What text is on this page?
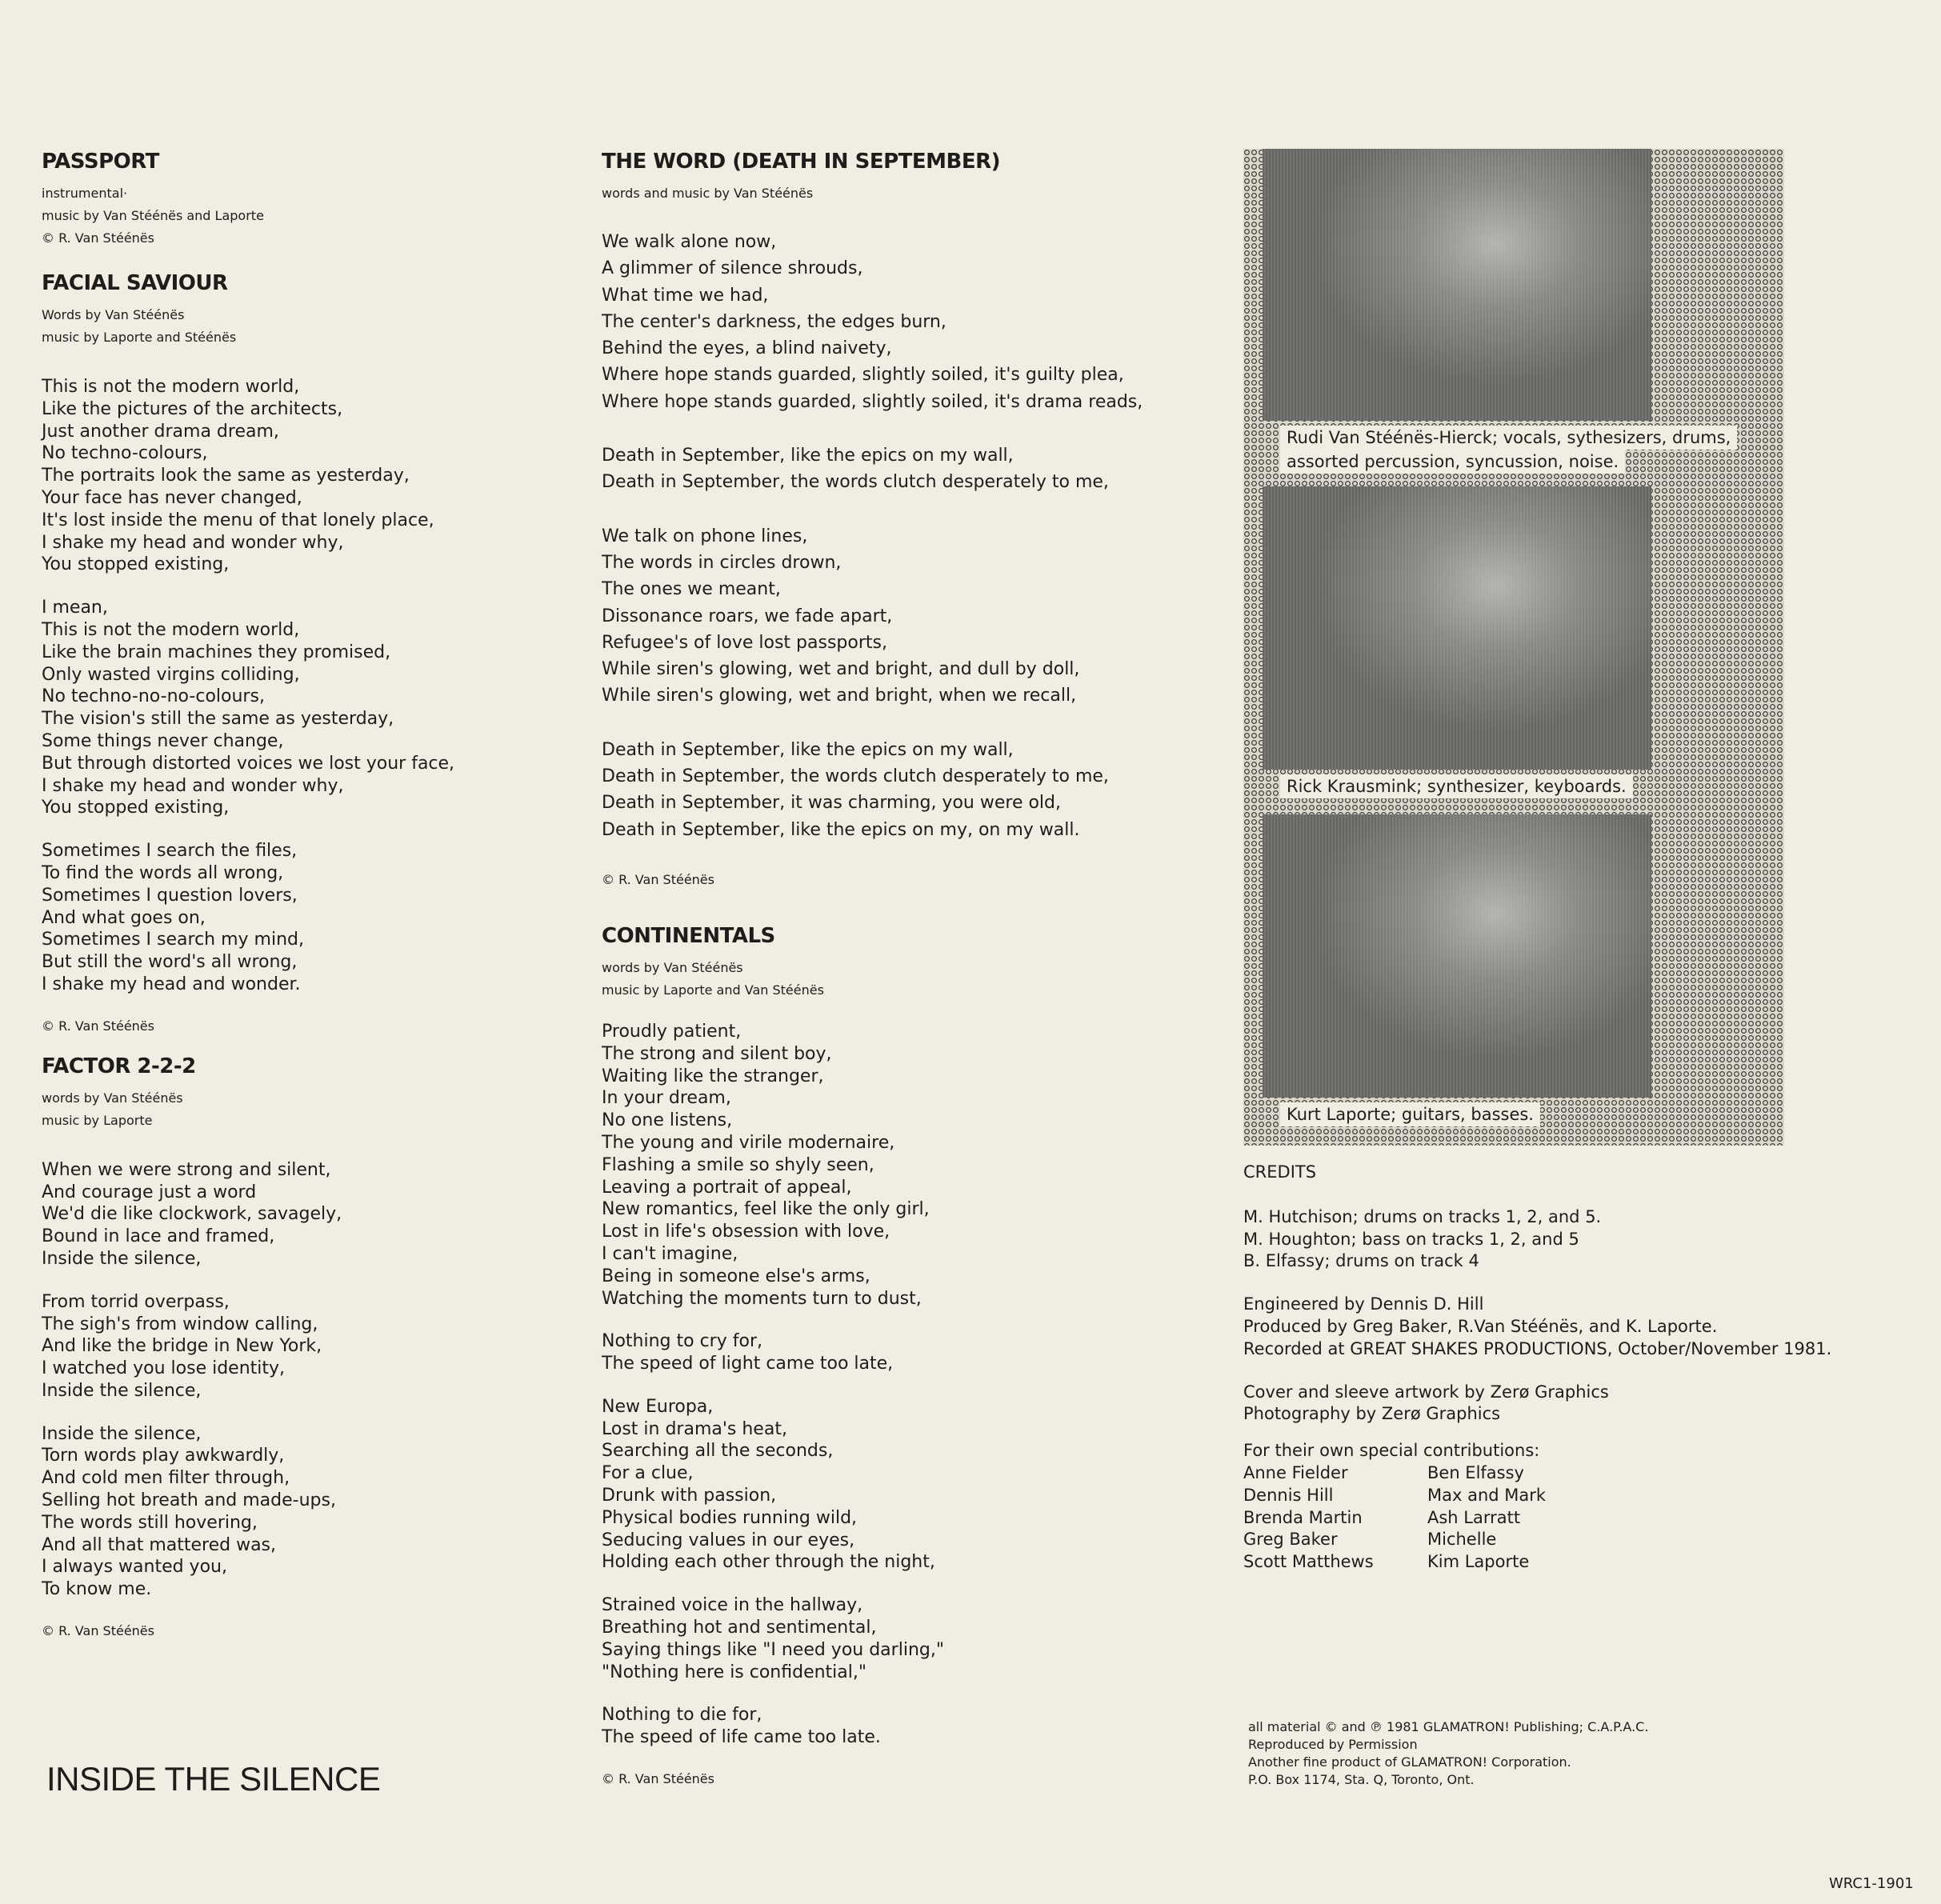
PASSPORT

instrumental·

music by Van Stéénës and Laporte

© R. Van Stéénës

FACIAL SAVIOUR

Words by Van Stéénës

music by Laporte and Stéénës

This is not the modern world,
Like the pictures of the architects,
Just another drama dream,
No techno-colours,
The portraits look the same as yesterday,
Your face has never changed,
It's lost inside the menu of that lonely place,
I shake my head and wonder why,
You stopped existing,
I mean,
This is not the modern world,
Like the brain machines they promised,
Only wasted virgins colliding,
No techno-no-no-colours,
The vision's still the same as yesterday,
Some things never change,
But through distorted voices we lost your face,
I shake my head and wonder why,
You stopped existing,
Sometimes I search the files,
To find the words all wrong,
Sometimes I question lovers,
And what goes on,
Sometimes I search my mind,
But still the word's all wrong,
I shake my head and wonder.

© R. Van Stéénës

FACTOR 2-2-2

words by Van Stéénës

music by Laporte

When we were strong and silent,
And courage just a word
We'd die like clockwork, savagely,
Bound in lace and framed,
Inside the silence,
From torrid overpass,
The sigh's from window calling,
And like the bridge in New York,
I watched you lose identity,
Inside the silence,
Inside the silence,
Torn words play awkwardly,
And cold men filter through,
Selling hot breath and made-ups,
The words still hovering,
And all that mattered was,
I always wanted you,
To know me.

© R. Van Stéénës

INSIDE THE SILENCE
THE WORD (DEATH IN SEPTEMBER)

words and music by Van Stéénës

We walk alone now,
A glimmer of silence shrouds,
What time we had,
The center's darkness, the edges burn,
Behind the eyes, a blind naivety,
Where hope stands guarded, slightly soiled, it's guilty plea,
Where hope stands guarded, slightly soiled, it's drama reads,
Death in September, like the epics on my wall,
Death in September, the words clutch desperately to me,
We talk on phone lines,
The words in circles drown,
The ones we meant,
Dissonance roars, we fade apart,
Refugee's of love lost passports,
While siren's glowing, wet and bright, and dull by doll,
While siren's glowing, wet and bright, when we recall,
Death in September, like the epics on my wall,
Death in September, the words clutch desperately to me,
Death in September, it was charming, you were old,
Death in September, like the epics on my, on my wall.

© R. Van Stéénës

CONTINENTALS

words by Van Stéénës

music by Laporte and Van Stéénës

Proudly patient,
The strong and silent boy,
Waiting like the stranger,
In your dream,
No one listens,
The young and virile modernaire,
Flashing a smile so shyly seen,
Leaving a portrait of appeal,
New romantics, feel like the only girl,
Lost in life's obsession with love,
I can't imagine,
Being in someone else's arms,
Watching the moments turn to dust,
Nothing to cry for,
The speed of light came too late,
New Europa,
Lost in drama's heat,
Searching all the seconds,
For a clue,
Drunk with passion,
Physical bodies running wild,
Seducing values in our eyes,
Holding each other through the night,
Strained voice in the hallway,
Breathing hot and sentimental,
Saying things like "I need you darling,"
"Nothing here is confidential,"
Nothing to die for,
The speed of life came too late.

© R. Van Stéénës

Rudi Van Stéénës-Hierck; vocals, sythesizers, drums,
assorted percussion, syncussion, noise.
Rick Krausmink; synthesizer, keyboards.
Kurt Laporte; guitars, basses.
CREDITS
M. Hutchison; drums on tracks 1, 2, and 5.
M. Houghton; bass on tracks 1, 2, and 5
B. Elfassy; drums on track 4
Engineered by Dennis D. Hill
Produced by Greg Baker, R.Van Stéénës, and K. Laporte.
Recorded at GREAT SHAKES PRODUCTIONS, October/November 1981.
Cover and sleeve artwork by Zerø Graphics
Photography by Zerø Graphics
For their own special contributions:
Anne Fielder	Ben Elfassy
Dennis Hill	Max and Mark
Brenda Martin	Ash Larratt
Greg Baker	Michelle
Scott Matthews	Kim Laporte
all material © and ℗ 1981 GLAMATRON! Publishing; C.A.P.A.C.
Reproduced by Permission
Another fine product of GLAMATRON! Corporation.
P.O. Box 1174, Sta. Q, Toronto, Ont.
WRC1-1901
